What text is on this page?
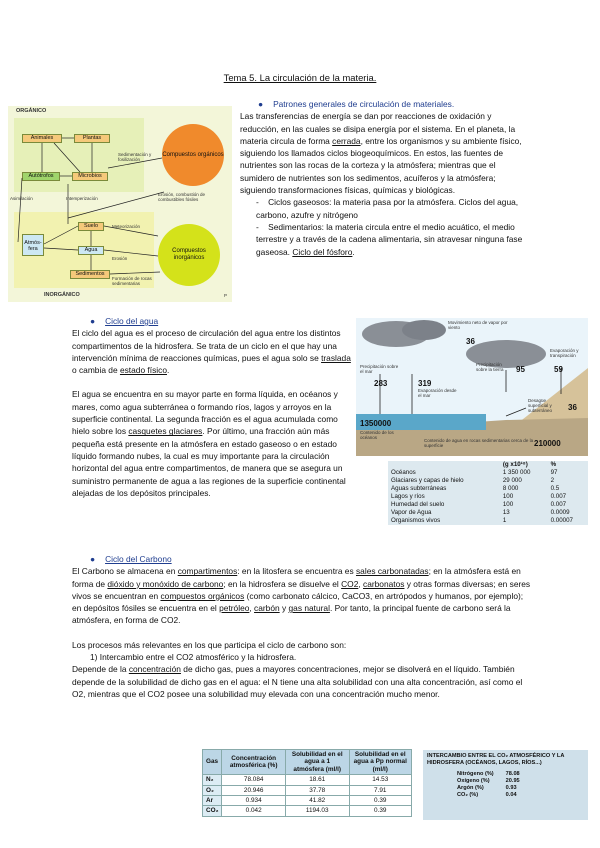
Tema 5. La circulación de la materia.
ORGÁNICO
Animales	Plantas
Autótrofos	Microbios
Compuestos orgánicos
Sedimentación y fosilización
Erosión, combustión de combustibles fósiles
Asimilación	Intemperización
Atmós-fera
Suelo
Agua
Sedimentos
Compuestos inorgánicos
Meteorización
Erosión
Formación de rocas sedimentarias
INORGÁNICO	P
● Patrones generales de circulación de materiales.
Las transferencias de energía se dan por reacciones de oxidación y reducción, en las cuales se disipa energía por el sistema. En el planeta, la materia circula de forma cerrada, entre los organismos y su ambiente físico, siguiendo los llamados ciclos biogeoquímicos. En estos, las fuentes de nutrientes son las rocas de la corteza y la atmósfera; mientras que el sumidero de nutrientes son los sedimentos, acuíferos y la atmósfera; siguiendo transformaciones físicas, químicas y biológicas.
- Ciclos gaseosos: la materia pasa por la atmósfera. Ciclos del agua, carbono, azufre y nitrógeno
- Sedimentarios: la materia circula entre el medio acuático, el medio terrestre y a través de la cadena alimentaria, sin atravesar ninguna fase gaseosa. Ciclo del fósforo.
● Ciclo del agua
El ciclo del agua es el proceso de circulación del agua entre los distintos compartimentos de la hidrosfera. Se trata de un ciclo en el que hay una intervención mínima de reacciones químicas, pues el agua solo se traslada o cambia de estado físico.
El agua se encuentra en su mayor parte en forma líquida, en océanos y mares, como agua subterránea o formando ríos, lagos y arroyos en la superficie continental. La segunda fracción es el agua acumulada como hielo sobre los casquetes glaciares. Por último, una fracción aún más pequeña está presente en la atmósfera en estado gaseoso o en estado líquido formando nubes, la cual es muy importante para la circulación horizontal del agua entre compartimentos, de manera que se asegura un suministro permanente de agua a las regiones de la superficie continental alejadas de los depósitos principales.
36
Movimiento neto de vapor por viento
283
Precipitación sobre el mar
319
Evaporación desde el mar
95
Precipitación sobre la tierra	59
Evaporación y transpiración
36
Desagüe superficial y subterráneo
1350000
Contenido de los océanos
210000
Contenido de agua en rocas sedimentarias cerca de la superficie
	(g x10¹⁸)	%
Océanos	1 350 000	97
Glaciares y capas de hielo	29 000	2
Aguas subterráneas	8 000	0.5
Lagos y ríos	100	0.007
Humedad del suelo	100	0.007
Vapor de Agua	13	0.0009
Organismos vivos	1	0.00007
● Ciclo del Carbono
El Carbono se almacena en compartimentos: en la litosfera se encuentra es sales carbonatadas; en la atmósfera está en forma de dióxido y monóxido de carbono; en la hidrosfera se disuelve el CO2, carbonatos y otras formas diversas; en seres vivos se encuentran en compuestos orgánicos (como carbonato cálcico, CaCO3, en artrópodos y humanos, por ejemplo); en depósitos fósiles se encuentra en el petróleo, carbón y gas natural. Por tanto, la principal fuente de carbono será la atmósfera, en forma de CO2.
Los procesos más relevantes en los que participa el ciclo de carbono son:
1) Intercambio entre el CO2 atmosférico y la hidrosfera.
Depende de la concentración de dicho gas, pues a mayores concentraciones, mejor se disolverá en el líquido. También depende de la solubilidad de dicho gas en el agua: el N tiene una alta solubilidad con una alta concentración, así como el O2, mientras que el CO2 posee una solubilidad muy elevada con una concentración mucho menor.
Gas	Concentración atmosférica (%)	Solubilidad en el agua a 1 atmósfera (ml/l)	Solubilidad en el agua a Pp normal (ml/l)
N₂	78.084	18.61	14.53
O₂	20.946	37.78	7.91
Ar	0.934	41.82	0.39
CO₂	0.042	1194.03	0.39
INTERCAMBIO ENTRE EL CO₂ ATMOSFÉRICO Y LA HIDROSFERA (OCÉANOS, LAGOS, RÍOS...)
Nitrógeno (%)	78.08
Oxígeno (%)	20.95
Argón (%)	0.93
CO₂ (%)	0.04
